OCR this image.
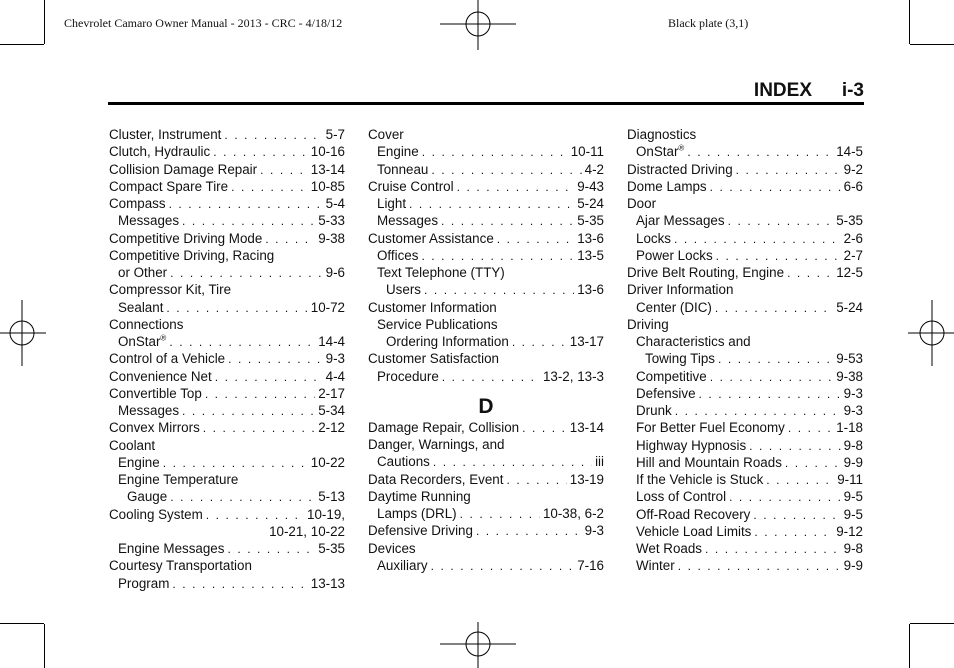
Chevrolet Camaro Owner Manual - 2013 - CRC - 4/18/12	Black plate (3,1)
INDEX i-3
Cluster, Instrument . . .	5-7
Clutch, Hydraulic . . .	10-16
Collision Damage Repair . . .	13-14
Compact Spare Tire . . .	10-85
Compass . . .	5-4
Messages . . .	5-33
Competitive Driving Mode . . .	9-38
Competitive Driving, Racing
or Other . . .	9-6
Compressor Kit, Tire
Sealant . . .	10-72
Connections
OnStar® . . .	14-4
Control of a Vehicle . . .	9-3
Convenience Net . . .	4-4
Convertible Top . . .	2-17
Messages . . .	5-34
Convex Mirrors . . .	2-12
Coolant
Engine . . .	10-22
Engine Temperature
Gauge . . .	5-13
Cooling System . . .	10-19,
10-21, 10-22
Engine Messages . . .	5-35
Courtesy Transportation
Program . . .	13-13
Cover
Engine . . .	10-11
Tonneau . . .	4-2
Cruise Control . . .	9-43
Light . . .	5-24
Messages . . .	5-35
Customer Assistance . . .	13-6
Offices . . .	13-5
Text Telephone (TTY)
Users . . .	13-6
Customer Information
Service Publications
Ordering Information . . .	13-17
Customer Satisfaction
Procedure . . .	13-2, 13-3
D
Damage Repair, Collision . . .	13-14
Danger, Warnings, and
Cautions . . .	iii
Data Recorders, Event . . .	13-19
Daytime Running
Lamps (DRL) . . .	10-38, 6-2
Defensive Driving . . .	9-3
Devices
Auxiliary . . .	7-16
Diagnostics
OnStar® . . .	14-5
Distracted Driving . . .	9-2
Dome Lamps . . .	6-6
Door
Ajar Messages . . .	5-35
Locks . . .	2-6
Power Locks . . .	2-7
Drive Belt Routing, Engine . . .	12-5
Driver Information
Center (DIC) . . .	5-24
Driving
Characteristics and
Towing Tips . . .	9-53
Competitive . . .	9-38
Defensive . . .	9-3
Drunk . . .	9-3
For Better Fuel Economy . . .	1-18
Highway Hypnosis . . .	9-8
Hill and Mountain Roads . . .	9-9
If the Vehicle is Stuck . . .	9-11
Loss of Control . . .	9-5
Off-Road Recovery . . .	9-5
Vehicle Load Limits . . .	9-12
Wet Roads . . .	9-8
Winter . . .	9-9
